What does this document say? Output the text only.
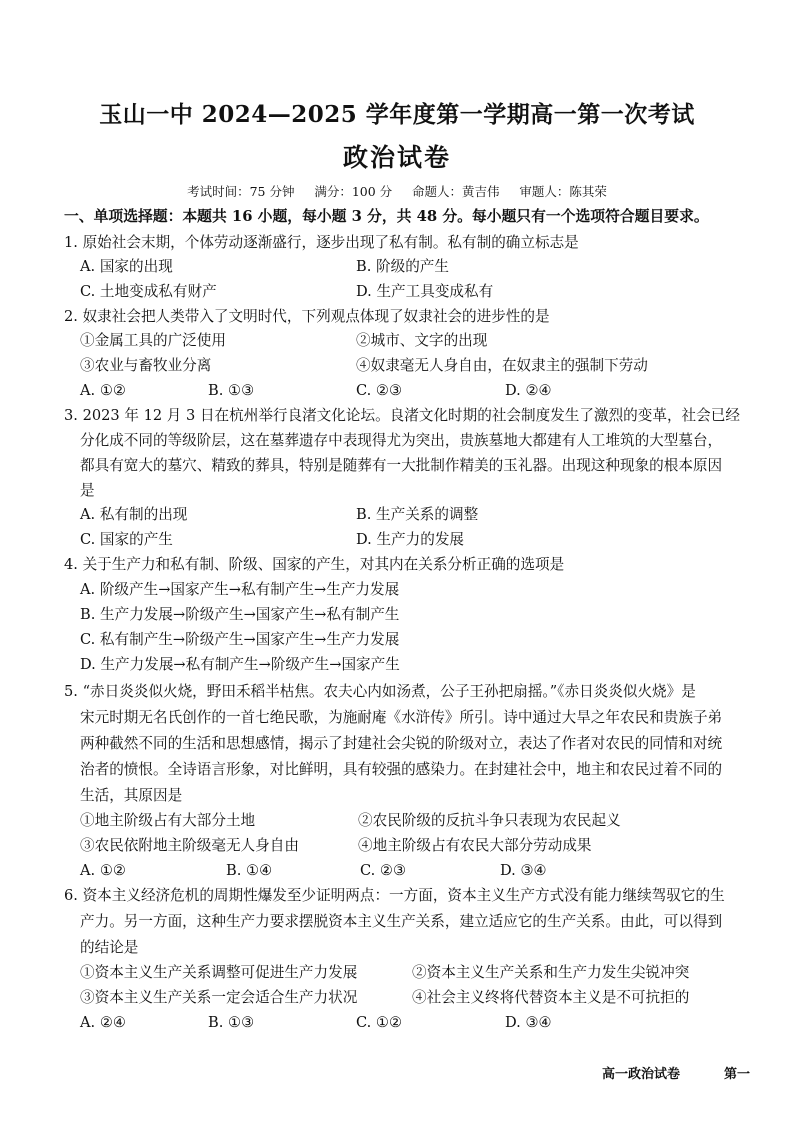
玉山一中 2024—2025 学年度第一学期高一第一次考试
政治试卷
考试时间：75 分钟     满分：100 分     命题人：黄吉伟     审题人：陈其荣
一、单项选择题：本题共 16 小题，每小题 3 分，共 48 分。每小题只有一个选项符合题目要求。
1. 原始社会末期，个体劳动逐渐盛行，逐步出现了私有制。私有制的确立标志是
A. 国家的出现	B. 阶级的产生
C. 土地变成私有财产	D. 生产工具变成私有
2. 奴隶社会把人类带入了文明时代，下列观点体现了奴隶社会的进步性的是
①金属工具的广泛使用	②城市、文字的出现
③农业与畜牧业分离	④奴隶毫无人身自由，在奴隶主的强制下劳动
A. ①②	B. ①③	C. ②③	D. ②④
3. 2023 年 12 月 3 日在杭州举行良渚文化论坛。良渚文化时期的社会制度发生了激烈的变革，社会已经
分化成不同的等级阶层，这在墓葬遗存中表现得尤为突出，贵族墓地大都建有人工堆筑的大型墓台，
都具有宽大的墓穴、精致的葬具，特别是随葬有一大批制作精美的玉礼器。出现这种现象的根本原因
是
A. 私有制的出现	B. 生产关系的调整
C. 国家的产生	D. 生产力的发展
4. 关于生产力和私有制、阶级、国家的产生，对其内在关系分析正确的选项是
A. 阶级产生→国家产生→私有制产生→生产力发展
B. 生产力发展→阶级产生→国家产生→私有制产生
C. 私有制产生→阶级产生→国家产生→生产力发展
D. 生产力发展→私有制产生→阶级产生→国家产生
5. “赤日炎炎似火烧，野田禾稻半枯焦。农夫心内如汤煮，公子王孙把扇摇。”《赤日炎炎似火烧》是
宋元时期无名氏创作的一首七绝民歌，为施耐庵《水浒传》所引。诗中通过大旱之年农民和贵族子弟
两种截然不同的生活和思想感情，揭示了封建社会尖锐的阶级对立，表达了作者对农民的同情和对统
治者的愤恨。全诗语言形象，对比鲜明，具有较强的感染力。在封建社会中，地主和农民过着不同的
生活，其原因是
①地主阶级占有大部分土地	②农民阶级的反抗斗争只表现为农民起义
③农民依附地主阶级毫无人身自由	④地主阶级占有农民大部分劳动成果
A. ①②	B. ①④	C. ②③	D. ③④
6. 资本主义经济危机的周期性爆发至少证明两点：一方面，资本主义生产方式没有能力继续驾驭它的生
产力。另一方面，这种生产力要求摆脱资本主义生产关系，建立适应它的生产关系。由此，可以得到
的结论是
①资本主义生产关系调整可促进生产力发展	②资本主义生产关系和生产力发生尖锐冲突
③资本主义生产关系一定会适合生产力状况	④社会主义终将代替资本主义是不可抗拒的
A. ②④	B. ①③	C. ①②	D. ③④
高一政治试卷	第一
